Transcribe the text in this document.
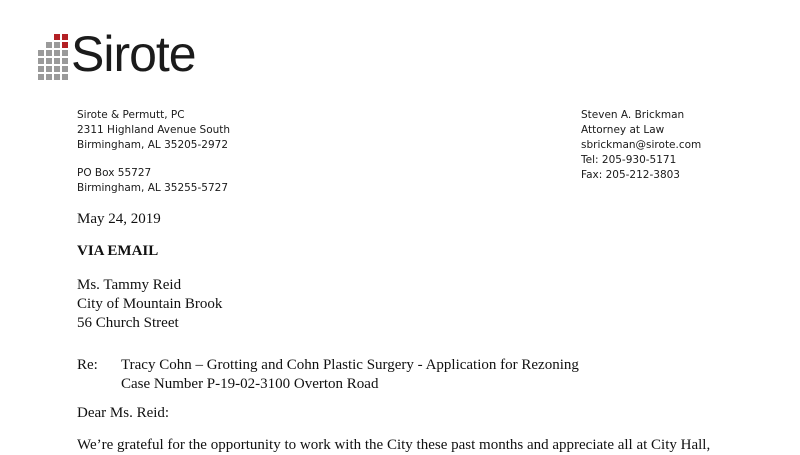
Sirote
Sirote & Permutt, PC
2311 Highland Avenue South
Birmingham, AL 35205-2972
PO Box 55727
Birmingham, AL 35255-5727
Steven A. Brickman
Attorney at Law
sbrickman@sirote.com
Tel: 205-930-5171
Fax: 205-212-3803
May 24, 2019
VIA EMAIL
Ms. Tammy Reid
City of Mountain Brook
56 Church Street
Re: Tracy Cohn – Grotting and Cohn Plastic Surgery - Application for Rezoning
Case Number P-19-02-3100 Overton Road
Dear Ms. Reid:
We’re grateful for the opportunity to work with the City these past months and appreciate all at City Hall,
